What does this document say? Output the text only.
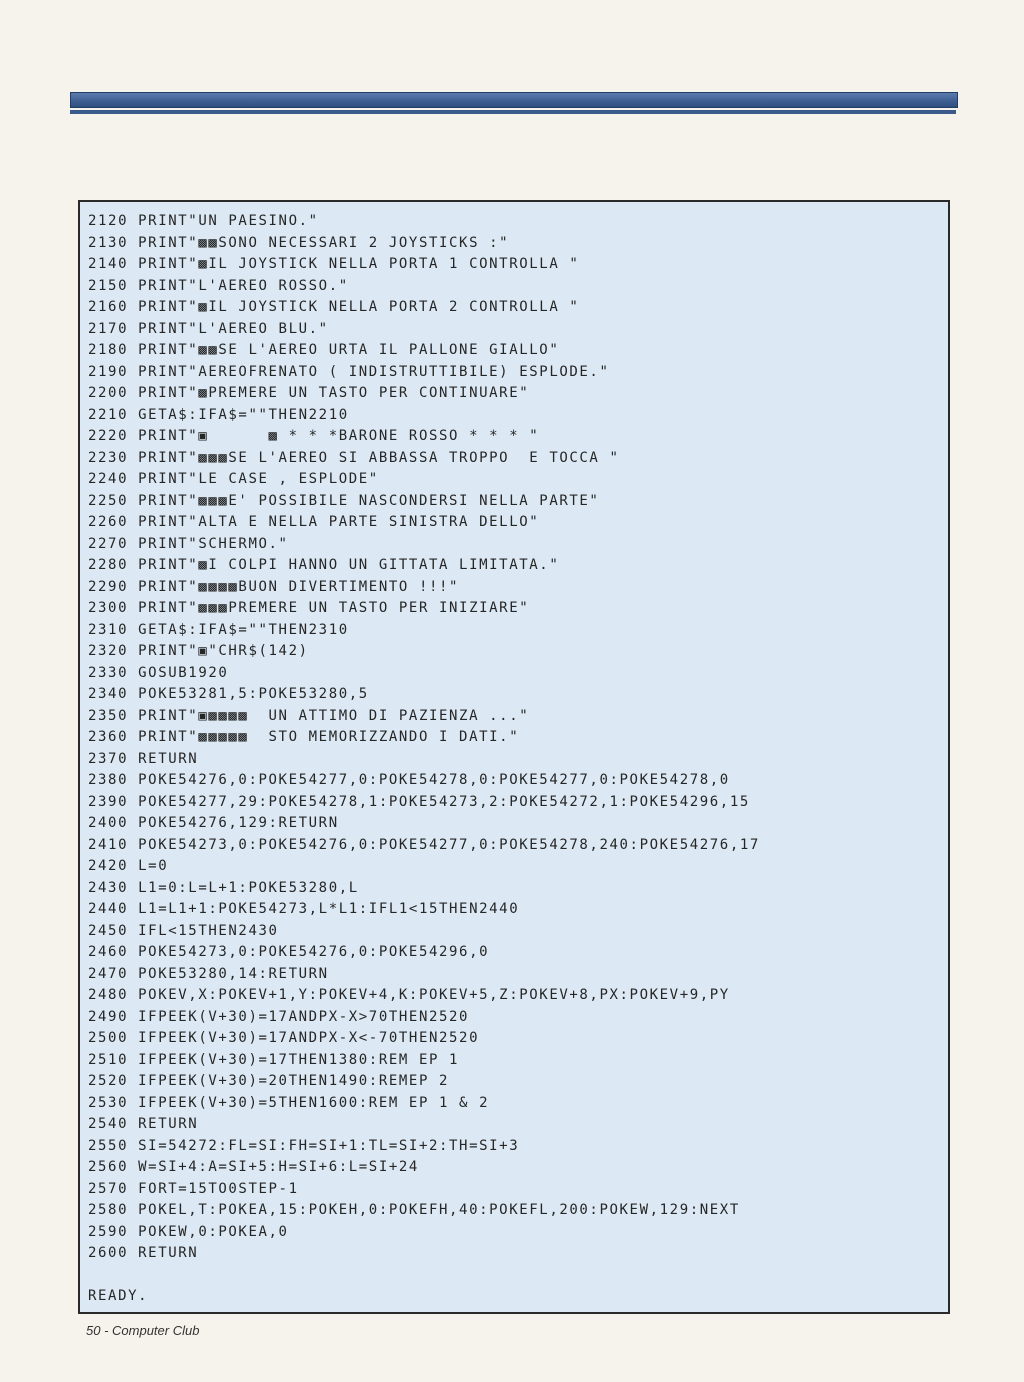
2120 PRINT"UN PAESINO."
2130 PRINT"▩▩SONO NECESSARI 2 JOYSTICKS :"
2140 PRINT"▩IL JOYSTICK NELLA PORTA 1 CONTROLLA "
2150 PRINT"L'AEREO ROSSO."
2160 PRINT"▩IL JOYSTICK NELLA PORTA 2 CONTROLLA "
2170 PRINT"L'AEREO BLU."
2180 PRINT"▩▩SE L'AEREO URTA IL PALLONE GIALLO"
2190 PRINT"AEREOFRENATO ( INDISTRUTTIBILE) ESPLODE."
2200 PRINT"▩PREMERE UN TASTO PER CONTINUARE"
2210 GETA$:IFA$=""THEN2210
2220 PRINT"▣      ▩ * * *BARONE ROSSO * * * "
2230 PRINT"▩▩▩SE L'AEREO SI ABBASSA TROPPO  E TOCCA "
2240 PRINT"LE CASE , ESPLODE"
2250 PRINT"▩▩▩E' POSSIBILE NASCONDERSI NELLA PARTE"
2260 PRINT"ALTA E NELLA PARTE SINISTRA DELLO"
2270 PRINT"SCHERMO."
2280 PRINT"▩I COLPI HANNO UN GITTATA LIMITATA."
2290 PRINT"▩▩▩▩BUON DIVERTIMENTO !!!"
2300 PRINT"▩▩▩PREMERE UN TASTO PER INIZIARE"
2310 GETA$:IFA$=""THEN2310
2320 PRINT"▣"CHR$(142)
2330 GOSUB1920
2340 POKE53281,5:POKE53280,5
2350 PRINT"▣▩▩▩▩  UN ATTIMO DI PAZIENZA ..."
2360 PRINT"▩▩▩▩▩  STO MEMORIZZANDO I DATI."
2370 RETURN
2380 POKE54276,0:POKE54277,0:POKE54278,0:POKE54277,0:POKE54278,0
2390 POKE54277,29:POKE54278,1:POKE54273,2:POKE54272,1:POKE54296,15
2400 POKE54276,129:RETURN
2410 POKE54273,0:POKE54276,0:POKE54277,0:POKE54278,240:POKE54276,17
2420 L=0
2430 L1=0:L=L+1:POKE53280,L
2440 L1=L1+1:POKE54273,L*L1:IFL1<15THEN2440
2450 IFL<15THEN2430
2460 POKE54273,0:POKE54276,0:POKE54296,0
2470 POKE53280,14:RETURN
2480 POKEV,X:POKEV+1,Y:POKEV+4,K:POKEV+5,Z:POKEV+8,PX:POKEV+9,PY
2490 IFPEEK(V+30)=17ANDPX-X>70THEN2520
2500 IFPEEK(V+30)=17ANDPX-X<-70THEN2520
2510 IFPEEK(V+30)=17THEN1380:REM EP 1
2520 IFPEEK(V+30)=20THEN1490:REMEP 2
2530 IFPEEK(V+30)=5THEN1600:REM EP 1 & 2
2540 RETURN
2550 SI=54272:FL=SI:FH=SI+1:TL=SI+2:TH=SI+3
2560 W=SI+4:A=SI+5:H=SI+6:L=SI+24
2570 FORT=15TO0STEP-1
2580 POKEL,T:POKEA,15:POKEH,0:POKEFH,40:POKEFL,200:POKEW,129:NEXT
2590 POKEW,0:POKEA,0
2600 RETURN
READY.
50 - Computer Club
